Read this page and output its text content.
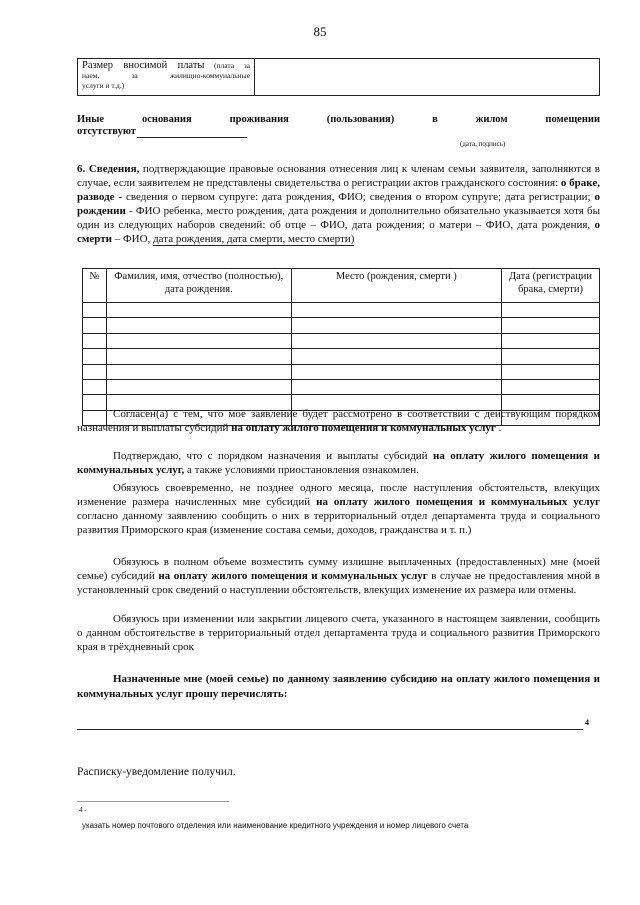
85
Размер вносимой платы (плата за
наем, за жилищно-коммунальные
услуги и т.д.)
Иные основания проживания (пользования) в жилом помещении
отсутствуют
(дата, подпись)
6. Сведения, подтверждающие правовые основания отнесения лиц к членам семьи заявителя, заполняются в случае, если заявителем не представлены свидетельства о регистрации актов гражданского состояния: о браке, разводе - сведения о первом супруге: дата рождения, ФИО; сведения о втором супруге; дата регистрации; о рождении - ФИО ребенка, место рождения, дата рождения и дополнительно обязательно указывается хотя бы один из следующих наборов сведений: об отце – ФИО, дата рождения; о матери – ФИО, дата рождения, о смерти – ФИО, дата рождения, дата смерти, место смерти)
№	Фамилия, имя, отчество (полностью), дата рождения.	Место (рождения, смерти )	Дата (регистрации брака, смерти)

Согласен(а) с тем, что мое заявление будет рассмотрено в соответствии с действующим порядком назначения и выплаты субсидий на оплату жилого помещения и коммунальных услуг .
Подтверждаю, что с порядком назначения и выплаты субсидий на оплату жилого помещения и коммунальных услуг, а также условиями приостановления ознакомлен.
Обязуюсь своевременно, не позднее одного месяца, после наступления обстоятельств, влекущих изменение размера начисленных мне субсидий на оплату жилого помещения и коммунальных услуг согласно данному заявлению сообщить о них в территориальный отдел департамента труда и социального развития Приморского края (изменение состава семьи, доходов, гражданства и т. п.)
Обязуюсь в полном объеме возместить сумму излишне выплаченных (предоставленных) мне (моей семье) субсидий на оплату жилого помещения и коммунальных услуг в случае не предоставления мной в установленный срок сведений о наступлении обстоятельств, влекущих изменение их размера или отмены.
Обязуюсь при изменении или закрытии лицевого счета, указанного в настоящем заявлении, сообщить о данном обстоятельстве в территориальный отдел департамента труда и социального развития Приморского края в трёхдневный срок
Назначенные мне (моей семье) по данному заявлению субсидию на оплату жилого помещения и коммунальных услуг прошу перечислять:
4
Расписку-уведомление получил.
4 -
указать номер почтового отделения или наименование кредитного учреждения и номер лицевого счета
